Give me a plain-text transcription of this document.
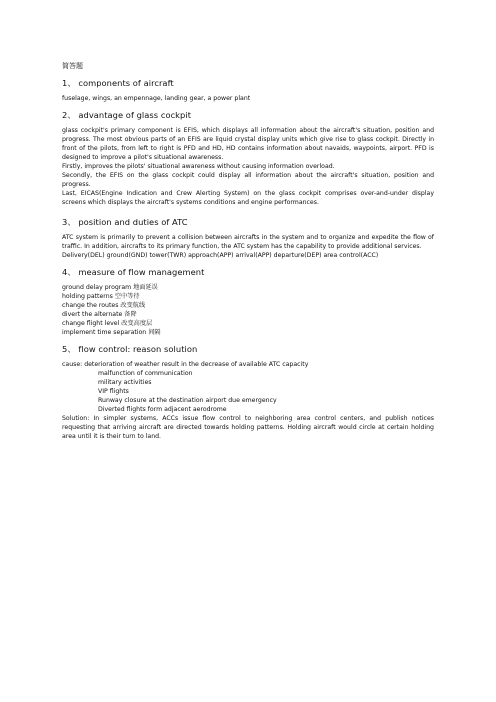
简答题
1、 components of aircraft

fuselage, wings, an empennage, landing gear, a power plant

2、 advantage of glass cockpit

glass cockpit's primary component is EFIS, which displays all information about the aircraft's situation, position and progress. The most obvious parts of an EFIS are liquid crystal display units which give rise to glass cockpit. Directly in front of the pilots, from left to right is PFD and HD, HD contains information about navaids, waypoints, airport. PFD is designed to improve a pilot's situational awareness.

Firstly, improves the pilots' situational awareness without causing information overload.

Secondly, the EFIS on the glass cockpit could display all information about the aircraft's situation, position and progress.

Last, EICAS(Engine Indication and Crew Alerting System) on the glass cockpit comprises over-and-under display screens which displays the aircraft's systems conditions and engine performances.

3、 position and duties of ATC

ATC system is primarily to prevent a collision between aircrafts in the system and to organize and expedite the flow of traffic. In addition, aircrafts to its primary function, the ATC system has the capability to provide additional services.

Delivery(DEL) ground(GND) tower(TWR) approach(APP) arrival(APP) departure(DEP) area control(ACC)

4、 measure of flow management
ground delay program 地面延误
holding patterns 空中等待
change the routes 改变航线
divert the alternate 备降
change flight level 改变高度层
implement time separation 间隔
5、 flow control: reason solution
cause: deterioration of weather result in the decrease of available ATC capacity
malfunction of communication
military activities
VIP flights
Runway closure at the destination airport due emergency
Diverted flights form adjacent aerodrome

Solution: In simpler systems, ACCs issue flow control to neighboring area control centers, and publish notices requesting that arriving aircraft are directed towards holding patterns. Holding aircraft would circle at certain holding area until it is their turn to land.
